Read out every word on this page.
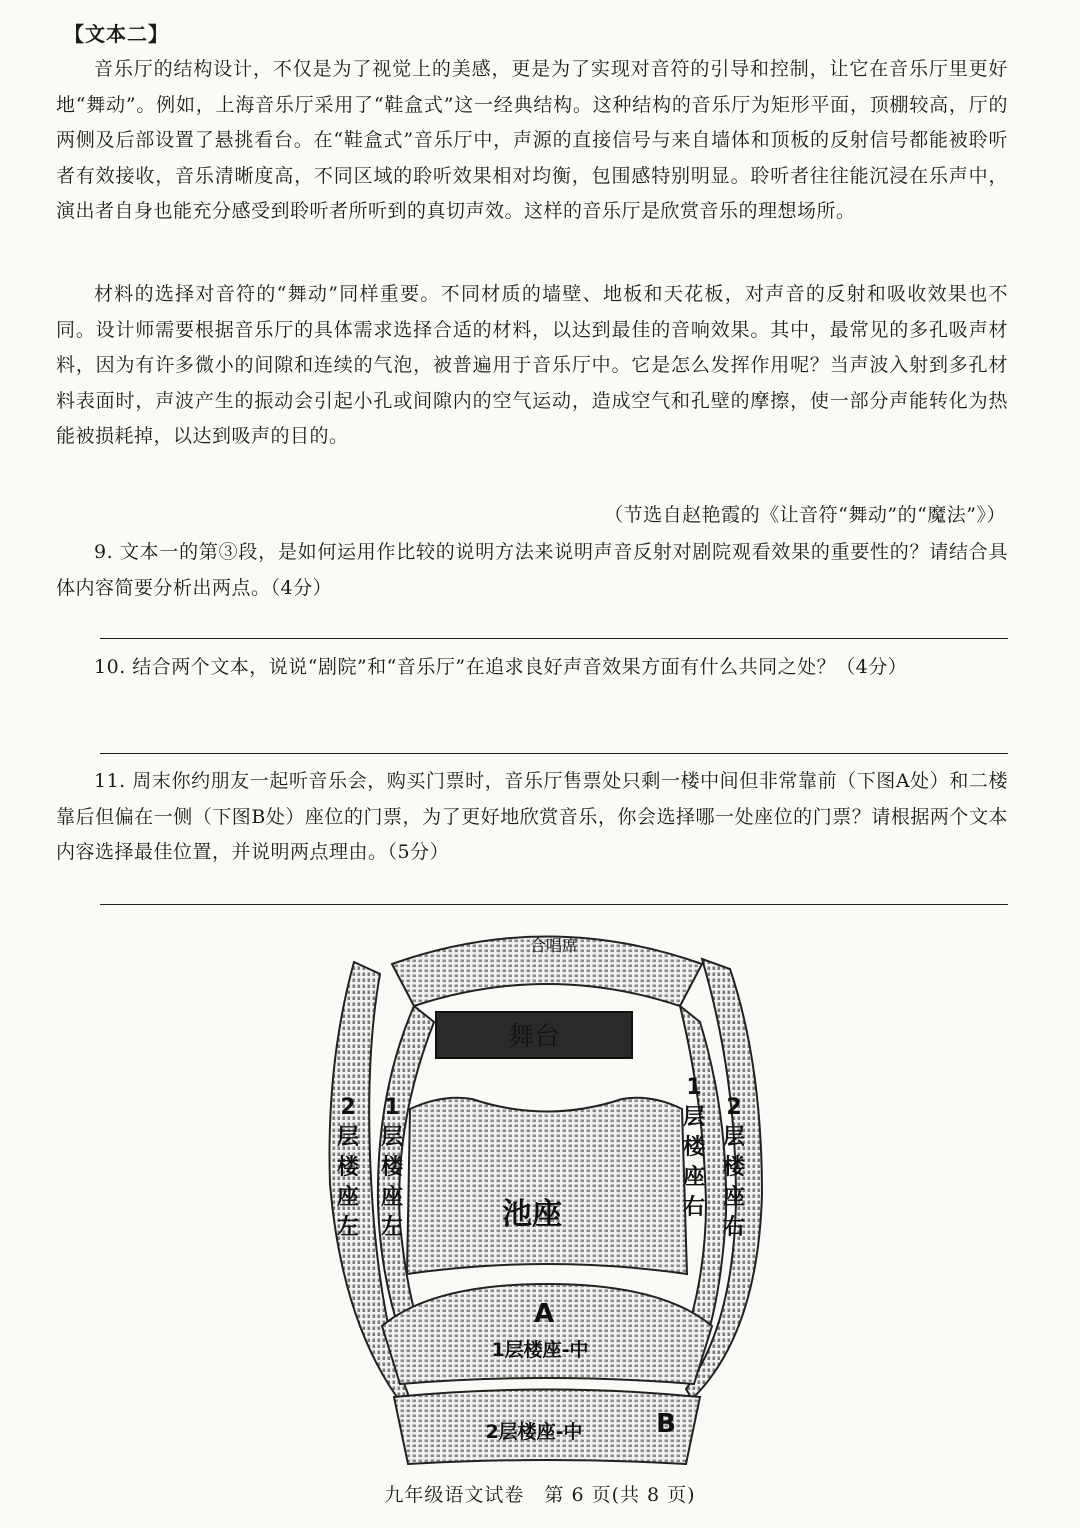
【文本二】

音乐厅的结构设计，不仅是为了视觉上的美感，更是为了实现对音符的引导和控制，让它在音乐厅里更好地“舞动”。例如，上海音乐厅采用了“鞋盒式”这一经典结构。这种结构的音乐厅为矩形平面，顶棚较高，厅的两侧及后部设置了悬挑看台。在“鞋盒式”音乐厅中，声源的直接信号与来自墙体和顶板的反射信号都能被聆听者有效接收，音乐清晰度高，不同区域的聆听效果相对均衡，包围感特别明显。聆听者往往能沉浸在乐声中，演出者自身也能充分感受到聆听者所听到的真切声效。这样的音乐厅是欣赏音乐的理想场所。

材料的选择对音符的“舞动”同样重要。不同材质的墙壁、地板和天花板，对声音的反射和吸收效果也不同。设计师需要根据音乐厅的具体需求选择合适的材料，以达到最佳的音响效果。其中，最常见的多孔吸声材料，因为有许多微小的间隙和连续的气泡，被普遍用于音乐厅中。它是怎么发挥作用呢？当声波入射到多孔材料表面时，声波产生的振动会引起小孔或间隙内的空气运动，造成空气和孔壁的摩擦，使一部分声能转化为热能被损耗掉，以达到吸声的目的。

（节选自赵艳霞的《让音符“舞动”的“魔法”》）

9. 文本一的第③段，是如何运用作比较的说明方法来说明声音反射对剧院观看效果的重要性的？请结合具体内容简要分析出两点。（4分）

10. 结合两个文本，说说“剧院”和“音乐厅”在追求良好声音效果方面有什么共同之处？（4分）

11. 周末你约朋友一起听音乐会，购买门票时，音乐厅售票处只剩一楼中间但非常靠前（下图A处）和二楼靠后但偏在一侧（下图B处）座位的门票，为了更好地欣赏音乐，你会选择哪一处座位的门票？请根据两个文本内容选择最佳位置，并说明两点理由。（5分）

舞台
合唱席
池座
2
层
楼
座
左
1
层
楼
座
左
1
层
楼
座
右
2
层
楼
座
右
A
1层楼座-中
2层楼座-中	B
九年级语文试卷　第 6 页(共 8 页)
